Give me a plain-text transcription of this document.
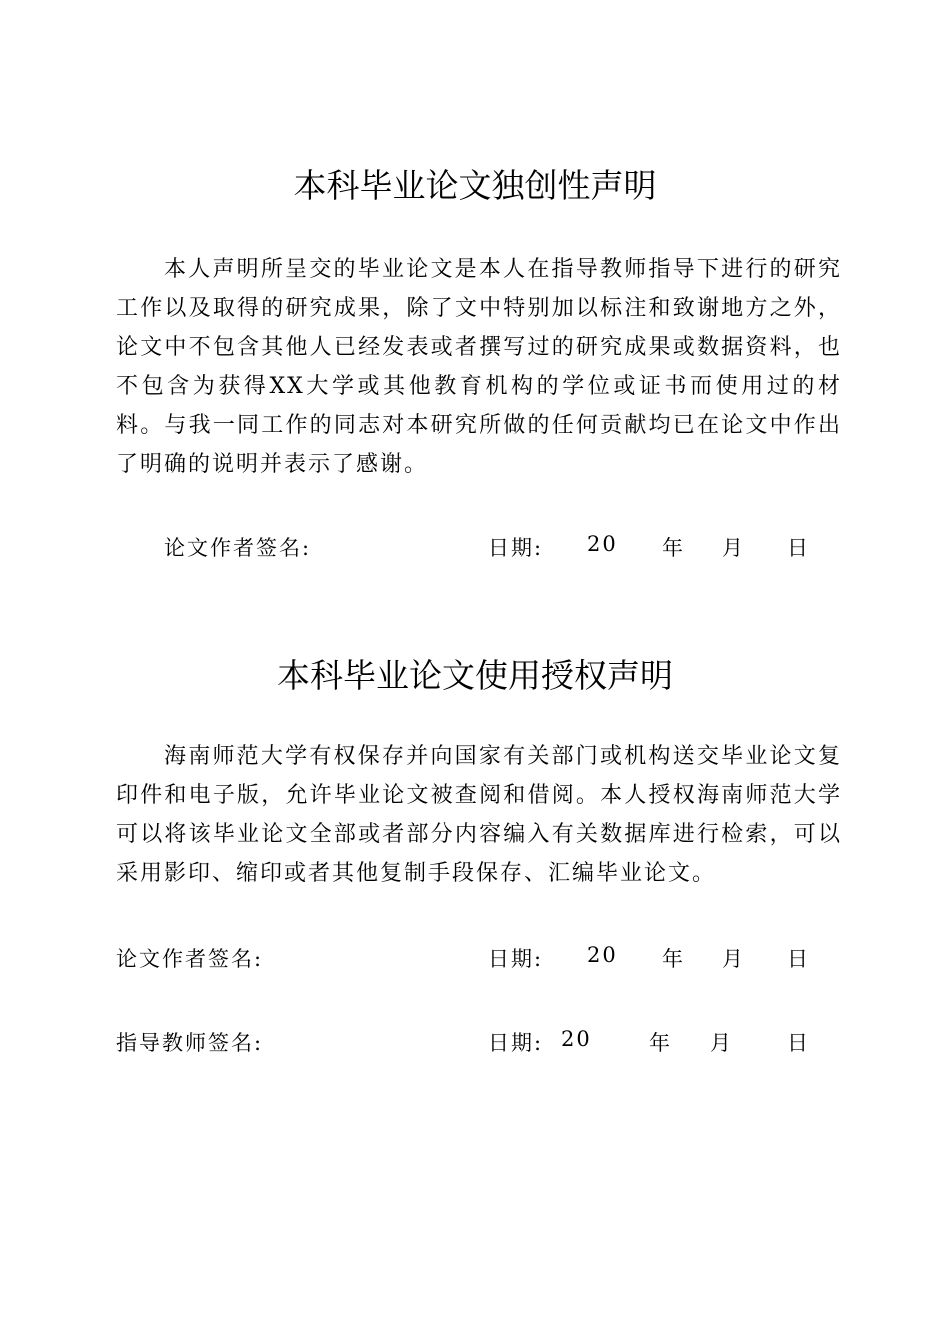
本科毕业论文独创性声明

本人声明所呈交的毕业论文是本人在指导教师指导下进行的研究工作以及取得的研究成果，除了文中特别加以标注和致谢地方之外，论文中不包含其他人已经发表或者撰写过的研究成果或数据资料，也不包含为获得XX大学或其他教育机构的学位或证书而使用过的材料。与我一同工作的同志对本研究所做的任何贡献均已在论文中作出了明确的说明并表示了感谢。

论文作者签名:	日期: 20 年 月 日
本科毕业论文使用授权声明

海南师范大学有权保存并向国家有关部门或机构送交毕业论文复印件和电子版，允许毕业论文被查阅和借阅。本人授权海南师范大学可以将该毕业论文全部或者部分内容编入有关数据库进行检索，可以采用影印、缩印或者其他复制手段保存、汇编毕业论文。

论文作者签名:	日期: 20 年 月 日
指导教师签名:	日期: 20	年 月	日
